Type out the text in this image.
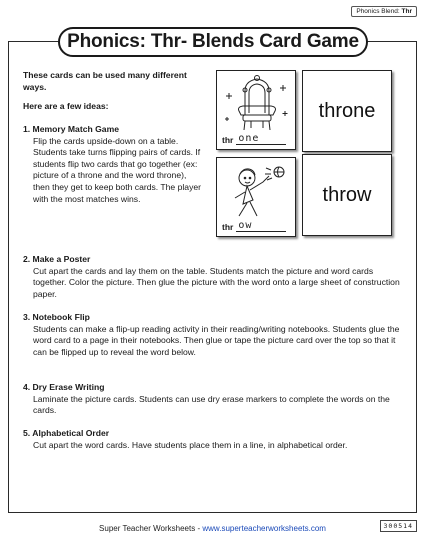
Phonics Blend: Thr
Phonics: Thr- Blends Card Game
These cards can be used many different ways.
Here are a few ideas:
1. Memory Match Game
Flip the cards upside-down on a table. Students take turns flipping pairs of cards. If students flip two cards that go together (ex: picture of a throne and the word throne), then they get to keep both cards. The player with the most matches wins.
thr one
throne
thr ow
throw
2. Make a Poster
Cut apart the cards and lay them on the table. Students match the picture and word cards together. Color the picture. Then glue the picture with the word onto a large sheet of construction paper.
3. Notebook Flip
Students can make a flip-up reading activity in their reading/writing notebooks. Students glue the word card to a page in their notebooks. Then glue or tape the picture card over the top so that it can be flipped up to reveal the word below.
4. Dry Erase Writing
Laminate the picture cards. Students can use dry erase markers to complete the words on the cards.
5. Alphabetical Order
Cut apart the word cards. Have students place them in a line, in alphabetical order.
Super Teacher Worksheets - www.superteacherworksheets.com	300514
